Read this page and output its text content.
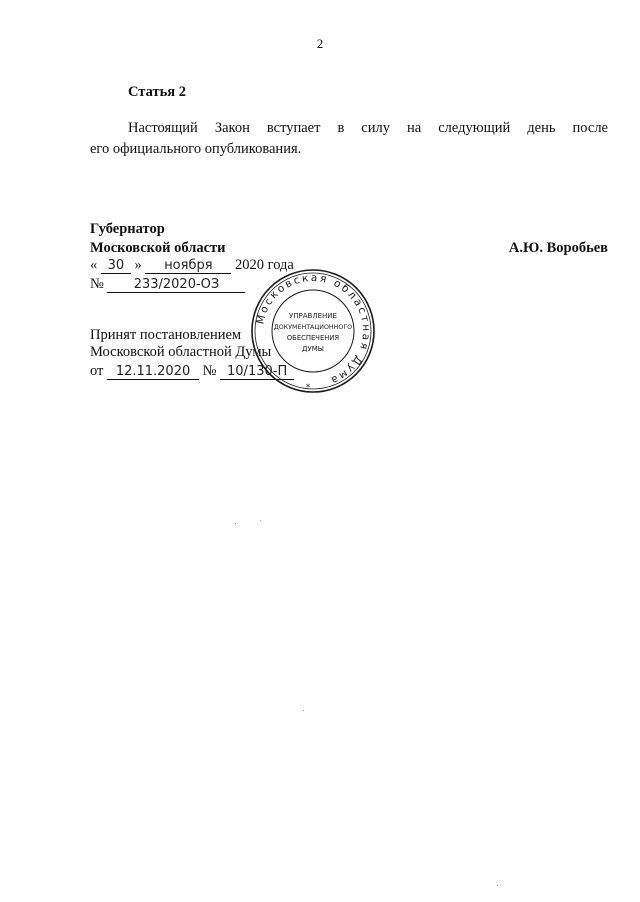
2
Статья 2
Настоящий Закон вступает в силу на следующий день после
его официального опубликования.
Губернатор
Московской области	А.Ю. Воробьев
« 30 » ноября 2020 года
№ 233/2020-ОЗ
Принят постановлением
Московской областной Думы
от 12.11.2020 № 10/130-П
Московская областная Дума
УПРАВЛЕНИЕ
ДОКУМЕНТАЦИОННОГО
ОБЕСПЕЧЕНИЯ
ДУМЫ
*
